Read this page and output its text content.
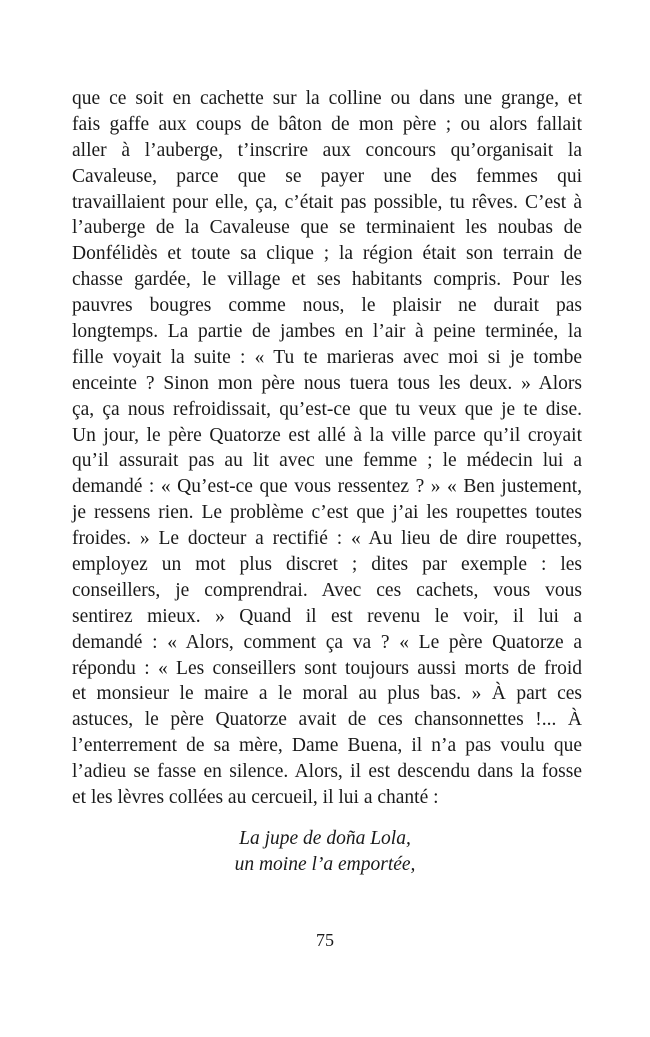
que ce soit en cachette sur la colline ou dans une grange, et
fais gaffe aux coups de bâton de mon père ; ou alors fallait
aller à l’auberge, t’inscrire aux concours qu’organisait la
Cavaleuse, parce que se payer une des femmes qui
travaillaient pour elle, ça, c’était pas possible, tu rêves. C’est à
l’auberge de la Cavaleuse que se terminaient les noubas de
Donfélidès et toute sa clique ; la région était son terrain de
chasse gardée, le village et ses habitants compris. Pour les
pauvres bougres comme nous, le plaisir ne durait pas
longtemps. La partie de jambes en l’air à peine terminée, la
fille voyait la suite : « Tu te marieras avec moi si je tombe
enceinte ? Sinon mon père nous tuera tous les deux. » Alors
ça, ça nous refroidissait, qu’est-ce que tu veux que je te dise.
Un jour, le père Quatorze est allé à la ville parce qu’il croyait
qu’il assurait pas au lit avec une femme ; le médecin lui a
demandé : « Qu’est-ce que vous ressentez ? » « Ben justement,
je ressens rien. Le problème c’est que j’ai les roupettes toutes
froides. » Le docteur a rectifié : « Au lieu de dire roupettes,
employez un mot plus discret ; dites par exemple : les
conseillers, je comprendrai. Avec ces cachets, vous vous
sentirez mieux. » Quand il est revenu le voir, il lui a
demandé : « Alors, comment ça va ? « Le père Quatorze a
répondu : « Les conseillers sont toujours aussi morts de froid
et monsieur le maire a le moral au plus bas. » À part ces
astuces, le père Quatorze avait de ces chansonnettes !... À
l’enterrement de sa mère, Dame Buena, il n’a pas voulu que
l’adieu se fasse en silence. Alors, il est descendu dans la fosse
et les lèvres collées au cercueil, il lui a chanté :
La jupe de doña Lola,
un moine l’a emportée,
75
